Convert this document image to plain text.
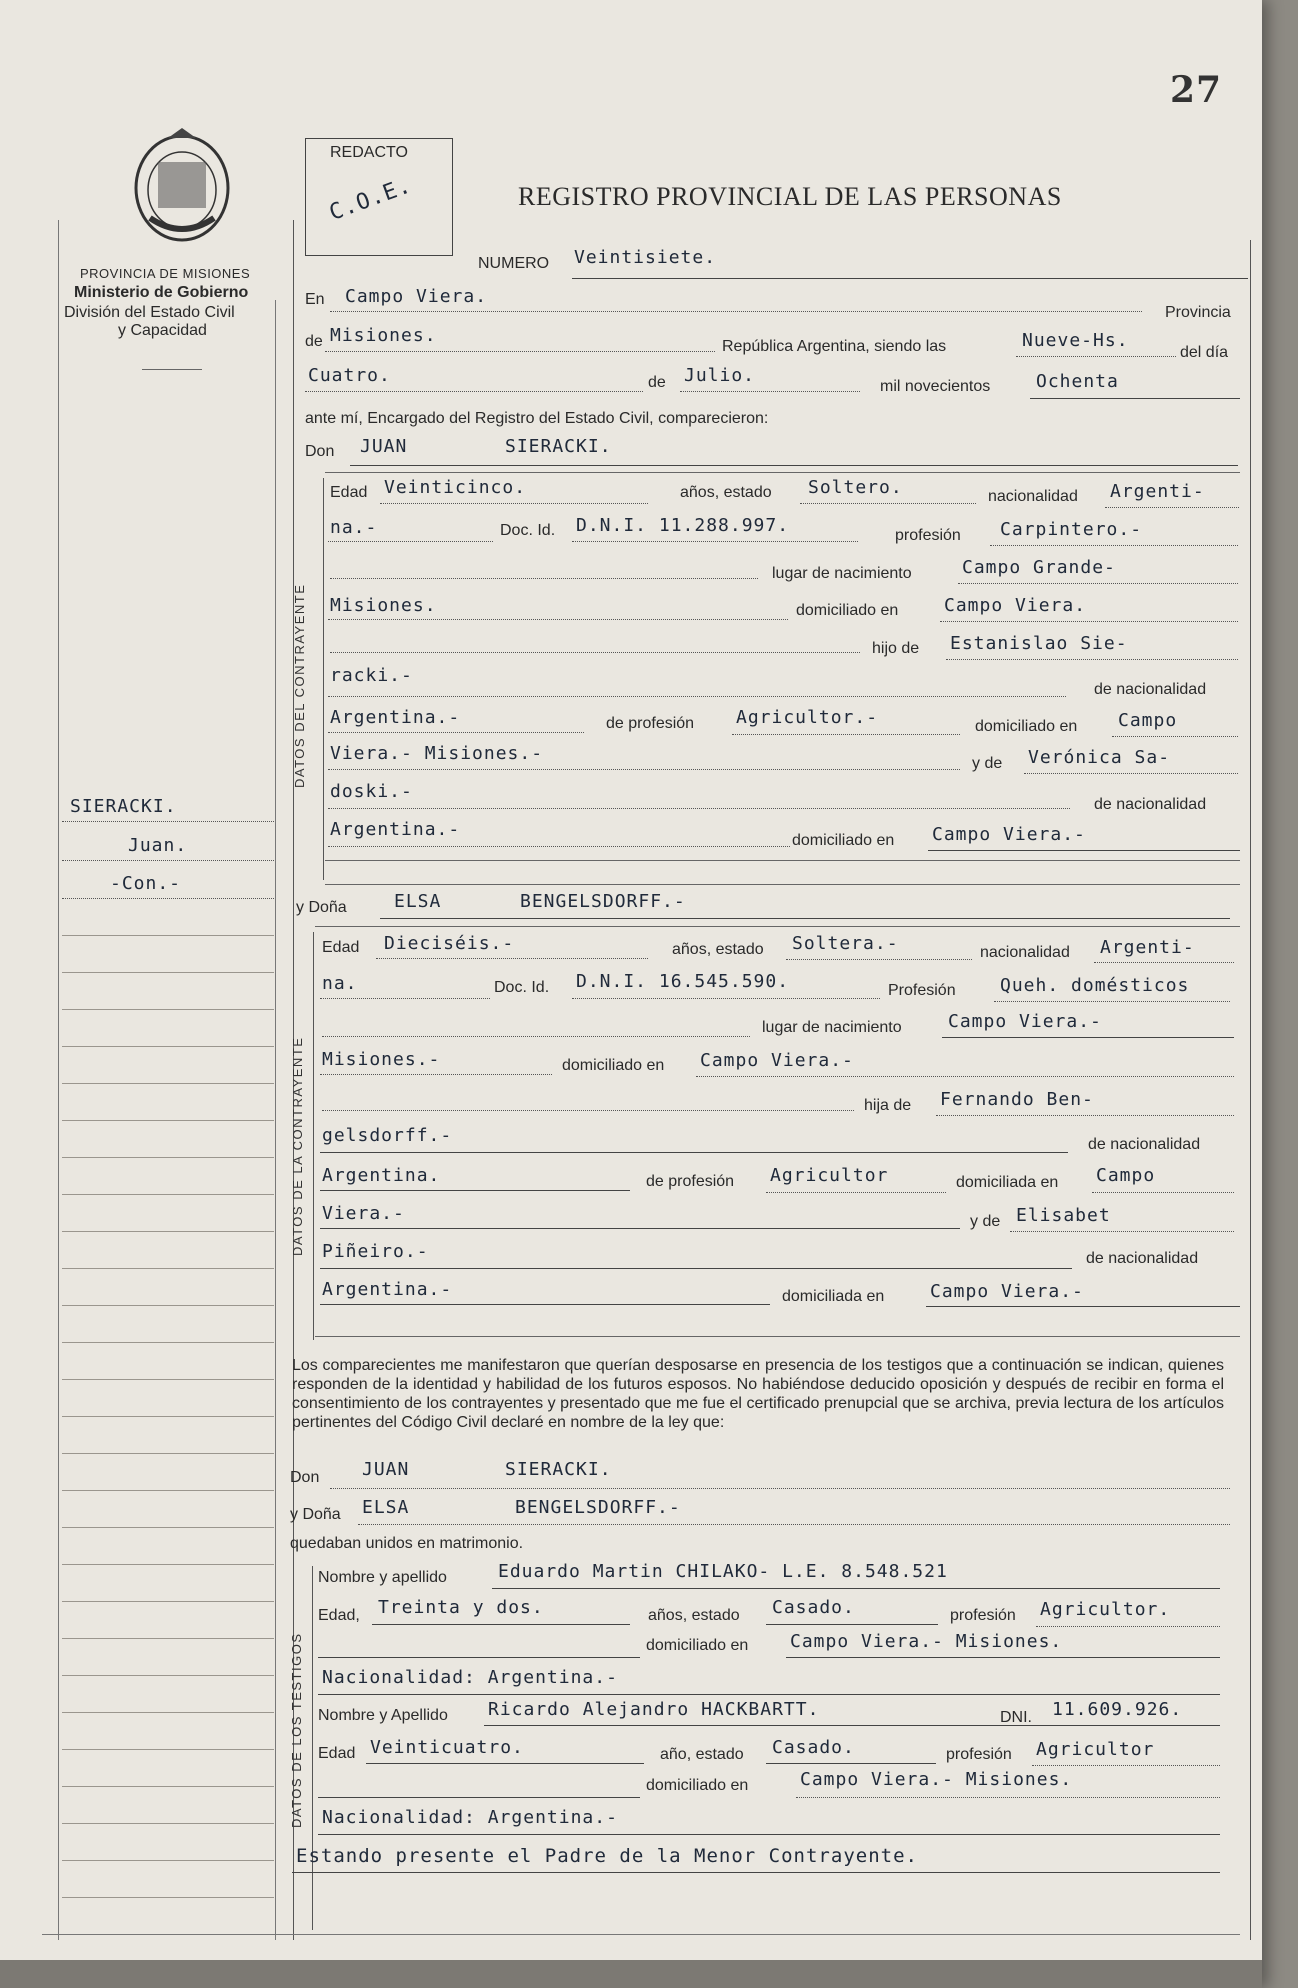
27
PROVINCIA DE MISIONES
Ministerio de Gobierno
División del Estado Civil
y Capacidad
REDACTO
C.O.E.	REGISTRO PROVINCIAL DE LAS PERSONAS
SIERACKI.
Juan.
-Con.-
NUMERO Veintisiete.
En Campo Viera.
Provincia
de Misiones.
República Argentina, siendo las	Nueve-Hs.
del día
Cuatro.	de Julio.
mil novecientos	Ochenta
ante mí, Encargado del Registro del Estado Civil, comparecieron:
Don JUAN	SIERACKI.
DATOS DEL CONTRAYENTE
Edad Veinticinco.	años, estado Soltero.	nacionalidad Argenti-
na.-	Doc. Id. D.N.I. 11.288.997.	profesión Carpintero.-
lugar de nacimiento	Campo Grande-
Misiones.	domiciliado en	Campo Viera.
hijo de Estanislao Sie-
racki.-
de nacionalidad
Argentina.-	de profesión Agricultor.-	domiciliado en Campo
Viera.- Misiones.-	y de Verónica Sa-
doski.-
de nacionalidad
Argentina.-
domiciliado en Campo Viera.-
y Doña	ELSA	BENGELSDORFF.-
DATOS DE LA CONTRAYENTE
Edad Dieciséis.-	años, estado Soltera.-	nacionalidad Argenti-
na.	Doc. Id. D.N.I. 16.545.590.	Profesión Queh. domésticos
lugar de nacimiento	Campo Viera.-
Misiones.-	domiciliado en Campo Viera.-
hija de Fernando Ben-
gelsdorff.-	de nacionalidad
Argentina.	de profesión Agricultor	domiciliada en Campo
Viera.-	y de Elisabet
Piñeiro.-	de nacionalidad
Argentina.-	domiciliada en	Campo Viera.-
Los comparecientes me manifestaron que querían desposarse en presencia de los testigos que a continuación se indican, quienes responden de la identidad y habilidad de los futuros esposos. No habiéndose deducido oposición y después de recibir en forma el consentimiento de los contrayentes y presentado que me fue el certificado prenupcial que se archiva, previa lectura de los artículos pertinentes del Código Civil declaré en nombre de la ley que:
Don JUAN	SIERACKI.
y Doña ELSA	BENGELSDORFF.-
quedaban unidos en matrimonio.
DATOS DE LOS TESTIGOS
Nombre y apellido	Eduardo Martin CHILAKO- L.E. 8.548.521
Edad, Treinta y dos.	años, estado Casado.	profesión Agricultor.
domiciliado en Campo Viera.- Misiones.
Nacionalidad: Argentina.-
Nombre y Apellido Ricardo Alejandro HACKBARTT.	DNI. 11.609.926.
Edad Veinticuatro.	año, estado Casado.	profesión Agricultor
domiciliado en	Campo Viera.- Misiones.
Nacionalidad: Argentina.-
Estando presente el Padre de la Menor Contrayente.
